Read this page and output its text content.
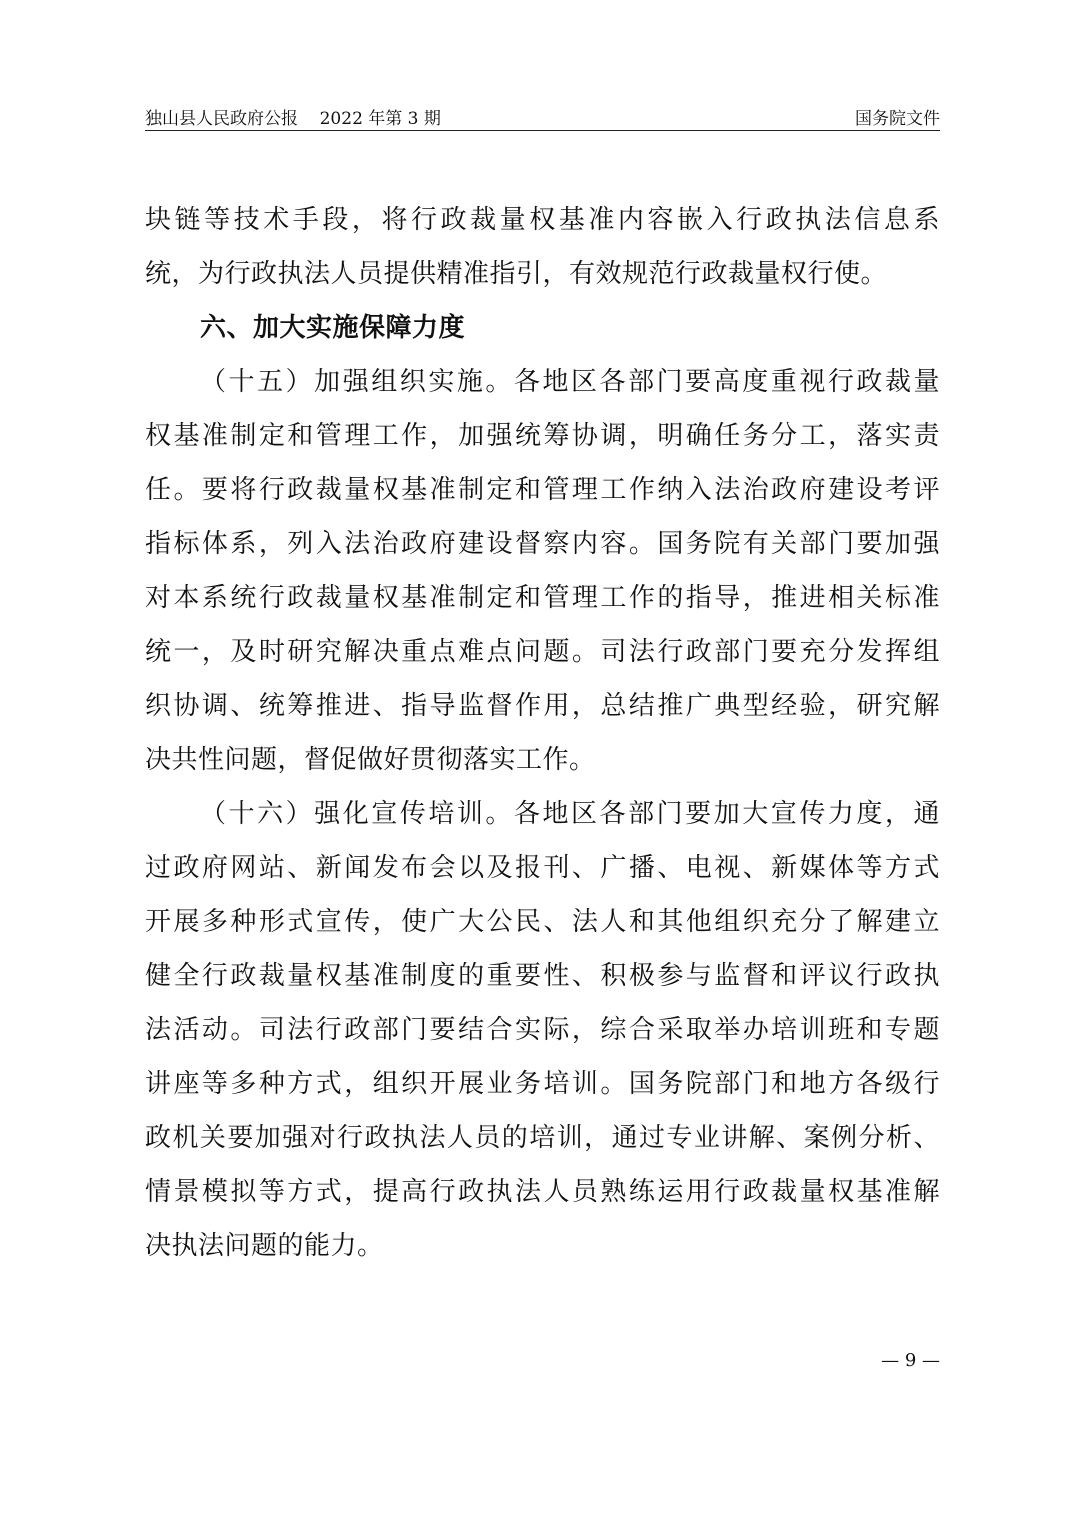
独山县人民政府公报    2022 年第 3 期	国务院文件
块链等技术手段，将行政裁量权基准内容嵌入行政执法信息系
统，为行政执法人员提供精准指引，有效规范行政裁量权行使。
六、加大实施保障力度
（十五）加强组织实施。各地区各部门要高度重视行政裁量
权基准制定和管理工作，加强统筹协调，明确任务分工，落实责
任。要将行政裁量权基准制定和管理工作纳入法治政府建设考评
指标体系，列入法治政府建设督察内容。国务院有关部门要加强
对本系统行政裁量权基准制定和管理工作的指导，推进相关标准
统一，及时研究解决重点难点问题。司法行政部门要充分发挥组
织协调、统筹推进、指导监督作用，总结推广典型经验，研究解
决共性问题，督促做好贯彻落实工作。
（十六）强化宣传培训。各地区各部门要加大宣传力度，通
过政府网站、新闻发布会以及报刊、广播、电视、新媒体等方式
开展多种形式宣传，使广大公民、法人和其他组织充分了解建立
健全行政裁量权基准制度的重要性、积极参与监督和评议行政执
法活动。司法行政部门要结合实际，综合采取举办培训班和专题
讲座等多种方式，组织开展业务培训。国务院部门和地方各级行
政机关要加强对行政执法人员的培训，通过专业讲解、案例分析、
情景模拟等方式，提高行政执法人员熟练运用行政裁量权基准解
决执法问题的能力。
— 9 —
